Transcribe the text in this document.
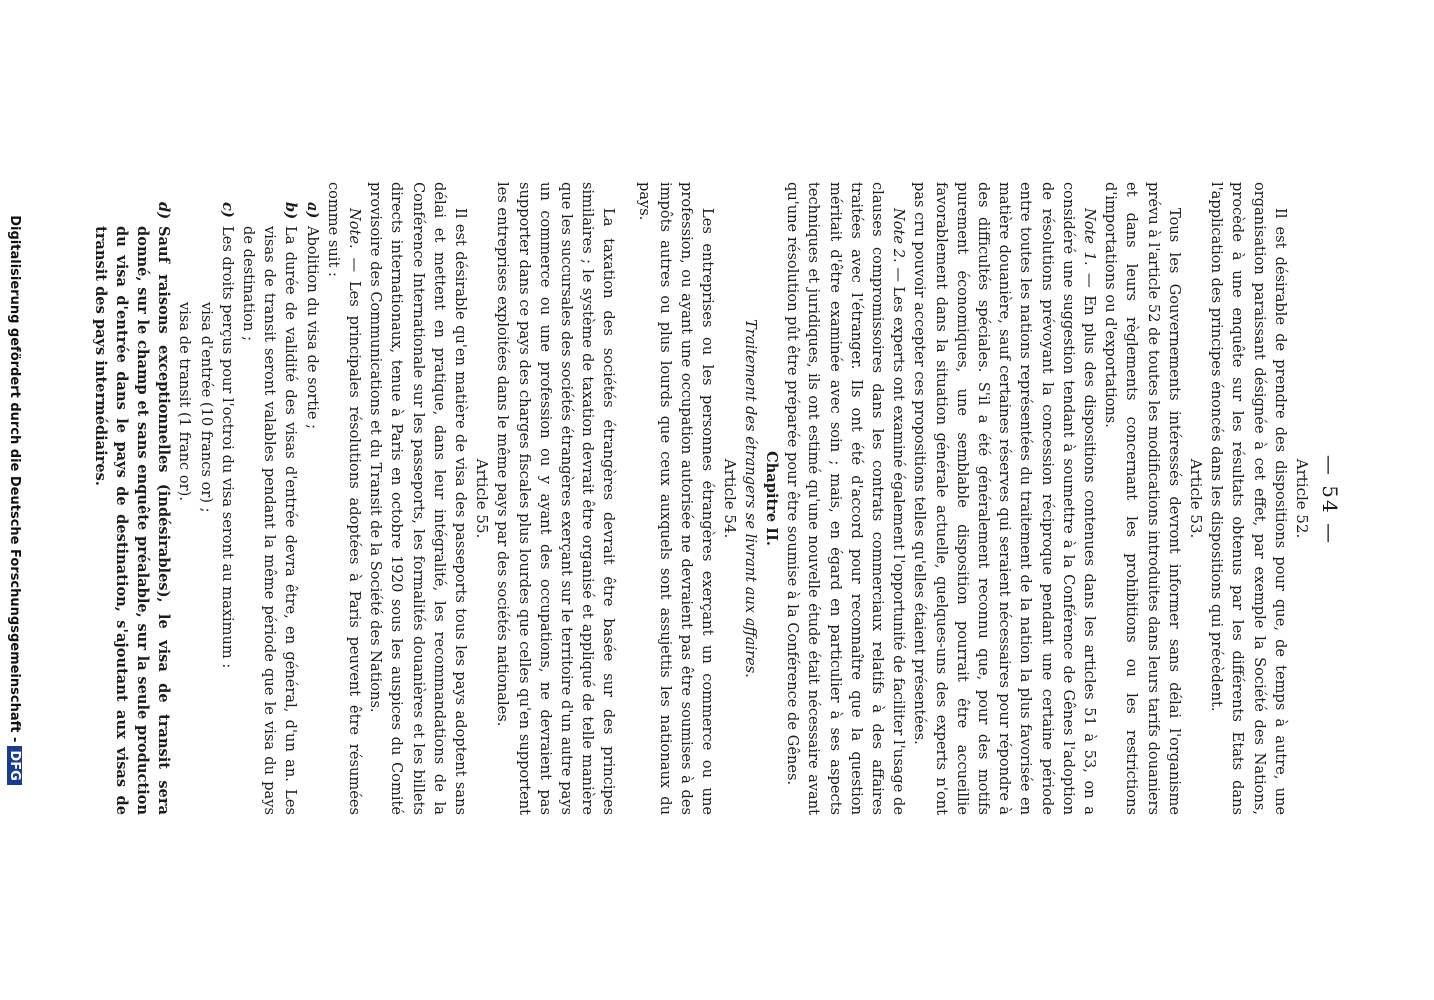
— 54 —

Article 52.

Il est désirable de prendre des dispositions pour que, de temps à autre, une organisation paraissant désignée à cet effet, par exemple la Société des Nations, procède à une enquête sur les résultats obtenus par les différents Etats dans l'application des principes énoncés dans les dispositions qui précèdent.

Article 53.

Tous les Gouvernements intéressés devront informer sans délai l'organisme prévu à l'article 52 de toutes les modifications introduites dans leurs tarifs douaniers et dans leurs règlements concernant les prohibitions ou les restrictions d'importations ou d'exportations.

Note 1. — En plus des dispositions contenues dans les articles 51 à 53, on a considéré une suggestion tendant à soumettre à la Conférence de Gênes l'adoption de résolutions prévoyant la concession réciproque pendant une certaine période entre toutes les nations représentées du traitement de la nation la plus favorisée en matière douanière, sauf certaines réserves qui seraient nécessaires pour répondre à des difficultés spéciales. S'il a été généralement reconnu que, pour des motifs purement économiques, une semblable disposition pourrait être accueillie favorablement dans la situation générale actuelle, quelques-uns des experts n'ont pas cru pouvoir accepter ces propositions telles qu'elles étaient présentées.

Note 2. — Les experts ont examiné également l'opportunité de faciliter l'usage de clauses compromissoires dans les contrats commerciaux relatifs à des affaires traitées avec l'étranger. Ils ont été d'accord pour reconnaître que la question méritait d'être examinée avec soin ; mais, en égard en particulier à ses aspects techniques et juridiques, ils ont estimé qu'une nouvelle étude était nécessaire avant qu'une résolution pût être préparée pour être soumise à la Conférence de Gênes.

Chapitre II.

Traitement des étrangers se livrant aux affaires.

Article 54.

Les entreprises ou les personnes étrangères exerçant un commerce ou une profession, ou ayant une occupation autorisée ne devraient pas être soumises à des impôts autres ou plus lourds que ceux auxquels sont assujettis les nationaux du pays.

La taxation des sociétés étrangères devrait être basée sur des principes similaires ; le système de taxation devrait être organisé et appliqué de telle manière que les succursales des sociétés étrangères exerçant sur le territoire d'un autre pays un commerce ou une profession ou y ayant des occupations, ne devraient pas supporter dans ce pays des charges fiscales plus lourdes que celles qu'en supportent les entreprises exploitées dans le même pays par des sociétés nationales.

Article 55.

Il est désirable qu'en matière de visa des passeports tous les pays adoptent sans délai et mettent en pratique, dans leur intégralité, les recommandations de la Conférence Internationale sur les passeports, les formalités douanières et les billets directs internationaux, tenue à Paris en octobre 1920 sous les auspices du Comité provisoire des Communications et du Transit de la Société des Nations.

Note. — Les principales résolutions adoptées à Paris peuvent être résumées comme suit :

a)
Abolition du visa de sortie ;
b)
La durée de validité des visas d'entrée devra être, en général, d'un an. Les visas de transit seront valables pendant la même période que le visa du pays de destination ;
c)
Les droits perçus pour l'octroi du visa seront au maximum :
visa d'entrée (10 francs or) ;
visa de transit (1 franc or).
d)
Sauf raisons exceptionnelles (indésirables), le visa de transit sera donné, sur le champ et sans enquête préalable, sur la seule production du visa d'entrée dans le pays de destination, s'ajoutant aux visas de transit des pays intermédiaires.
Digitalisierung gefördert durch die Deutsche Forschungsgemeinschaft -DFG
